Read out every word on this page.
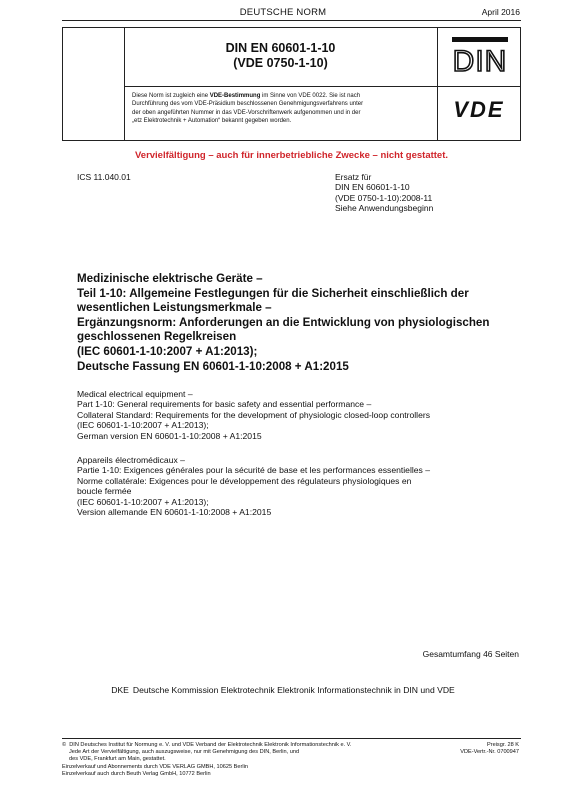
DEUTSCHE NORM	April 2016
DIN EN 60601-1-10
(VDE 0750-1-10)
Diese Norm ist zugleich eine VDE-Bestimmung im Sinne von VDE 0022. Sie ist nach
Durchführung des vom VDE-Präsidium beschlossenen Genehmigungsverfahrens unter
der oben angeführten Nummer in das VDE-Vorschriftenwerk aufgenommen und in der
„etz Elektrotechnik + Automation“ bekannt gegeben worden.
DIN
VDE
Vervielfältigung – auch für innerbetriebliche Zwecke – nicht gestattet.
ICS 11.040.01	Ersatz für
DIN EN 60601-1-10
(VDE 0750-1-10):2008-11
Siehe Anwendungsbeginn
Medizinische elektrische Geräte –
Teil 1-10: Allgemeine Festlegungen für die Sicherheit einschließlich der
wesentlichen Leistungsmerkmale –
Ergänzungsnorm: Anforderungen an die Entwicklung von physiologischen
geschlossenen Regelkreisen
(IEC 60601-1-10:2007 + A1:2013);
Deutsche Fassung EN 60601-1-10:2008 + A1:2015
Medical electrical equipment –
Part 1-10: General requirements for basic safety and essential performance –
Collateral Standard: Requirements for the development of physiologic closed-loop controllers
(IEC 60601-1-10:2007 + A1:2013);
German version EN 60601-1-10:2008 + A1:2015
Appareils électromédicaux –
Partie 1-10: Exigences générales pour la sécurité de base et les performances essentielles –
Norme collatérale: Exigences pour le développement des régulateurs physiologiques en
boucle fermée
(IEC 60601-1-10:2007 + A1:2013);
Version allemande EN 60601-1-10:2008 + A1:2015
Gesamtumfang 46 Seiten
DKE Deutsche Kommission Elektrotechnik Elektronik Informationstechnik in DIN und VDE
©  DIN Deutsches Institut für Normung e. V. und VDE Verband der Elektrotechnik Elektronik Informationstechnik e. V.
Jede Art der Vervielfältigung, auch auszugsweise, nur mit Genehmigung des DIN, Berlin, und
des VDE, Frankfurt am Main, gestattet.
Einzelverkauf und Abonnements durch VDE VERLAG GMBH, 10625 Berlin
Einzelverkauf auch durch Beuth Verlag GmbH, 10772 Berlin
Preisgr. 28 K
VDE-Vertr.-Nr. 0700947
